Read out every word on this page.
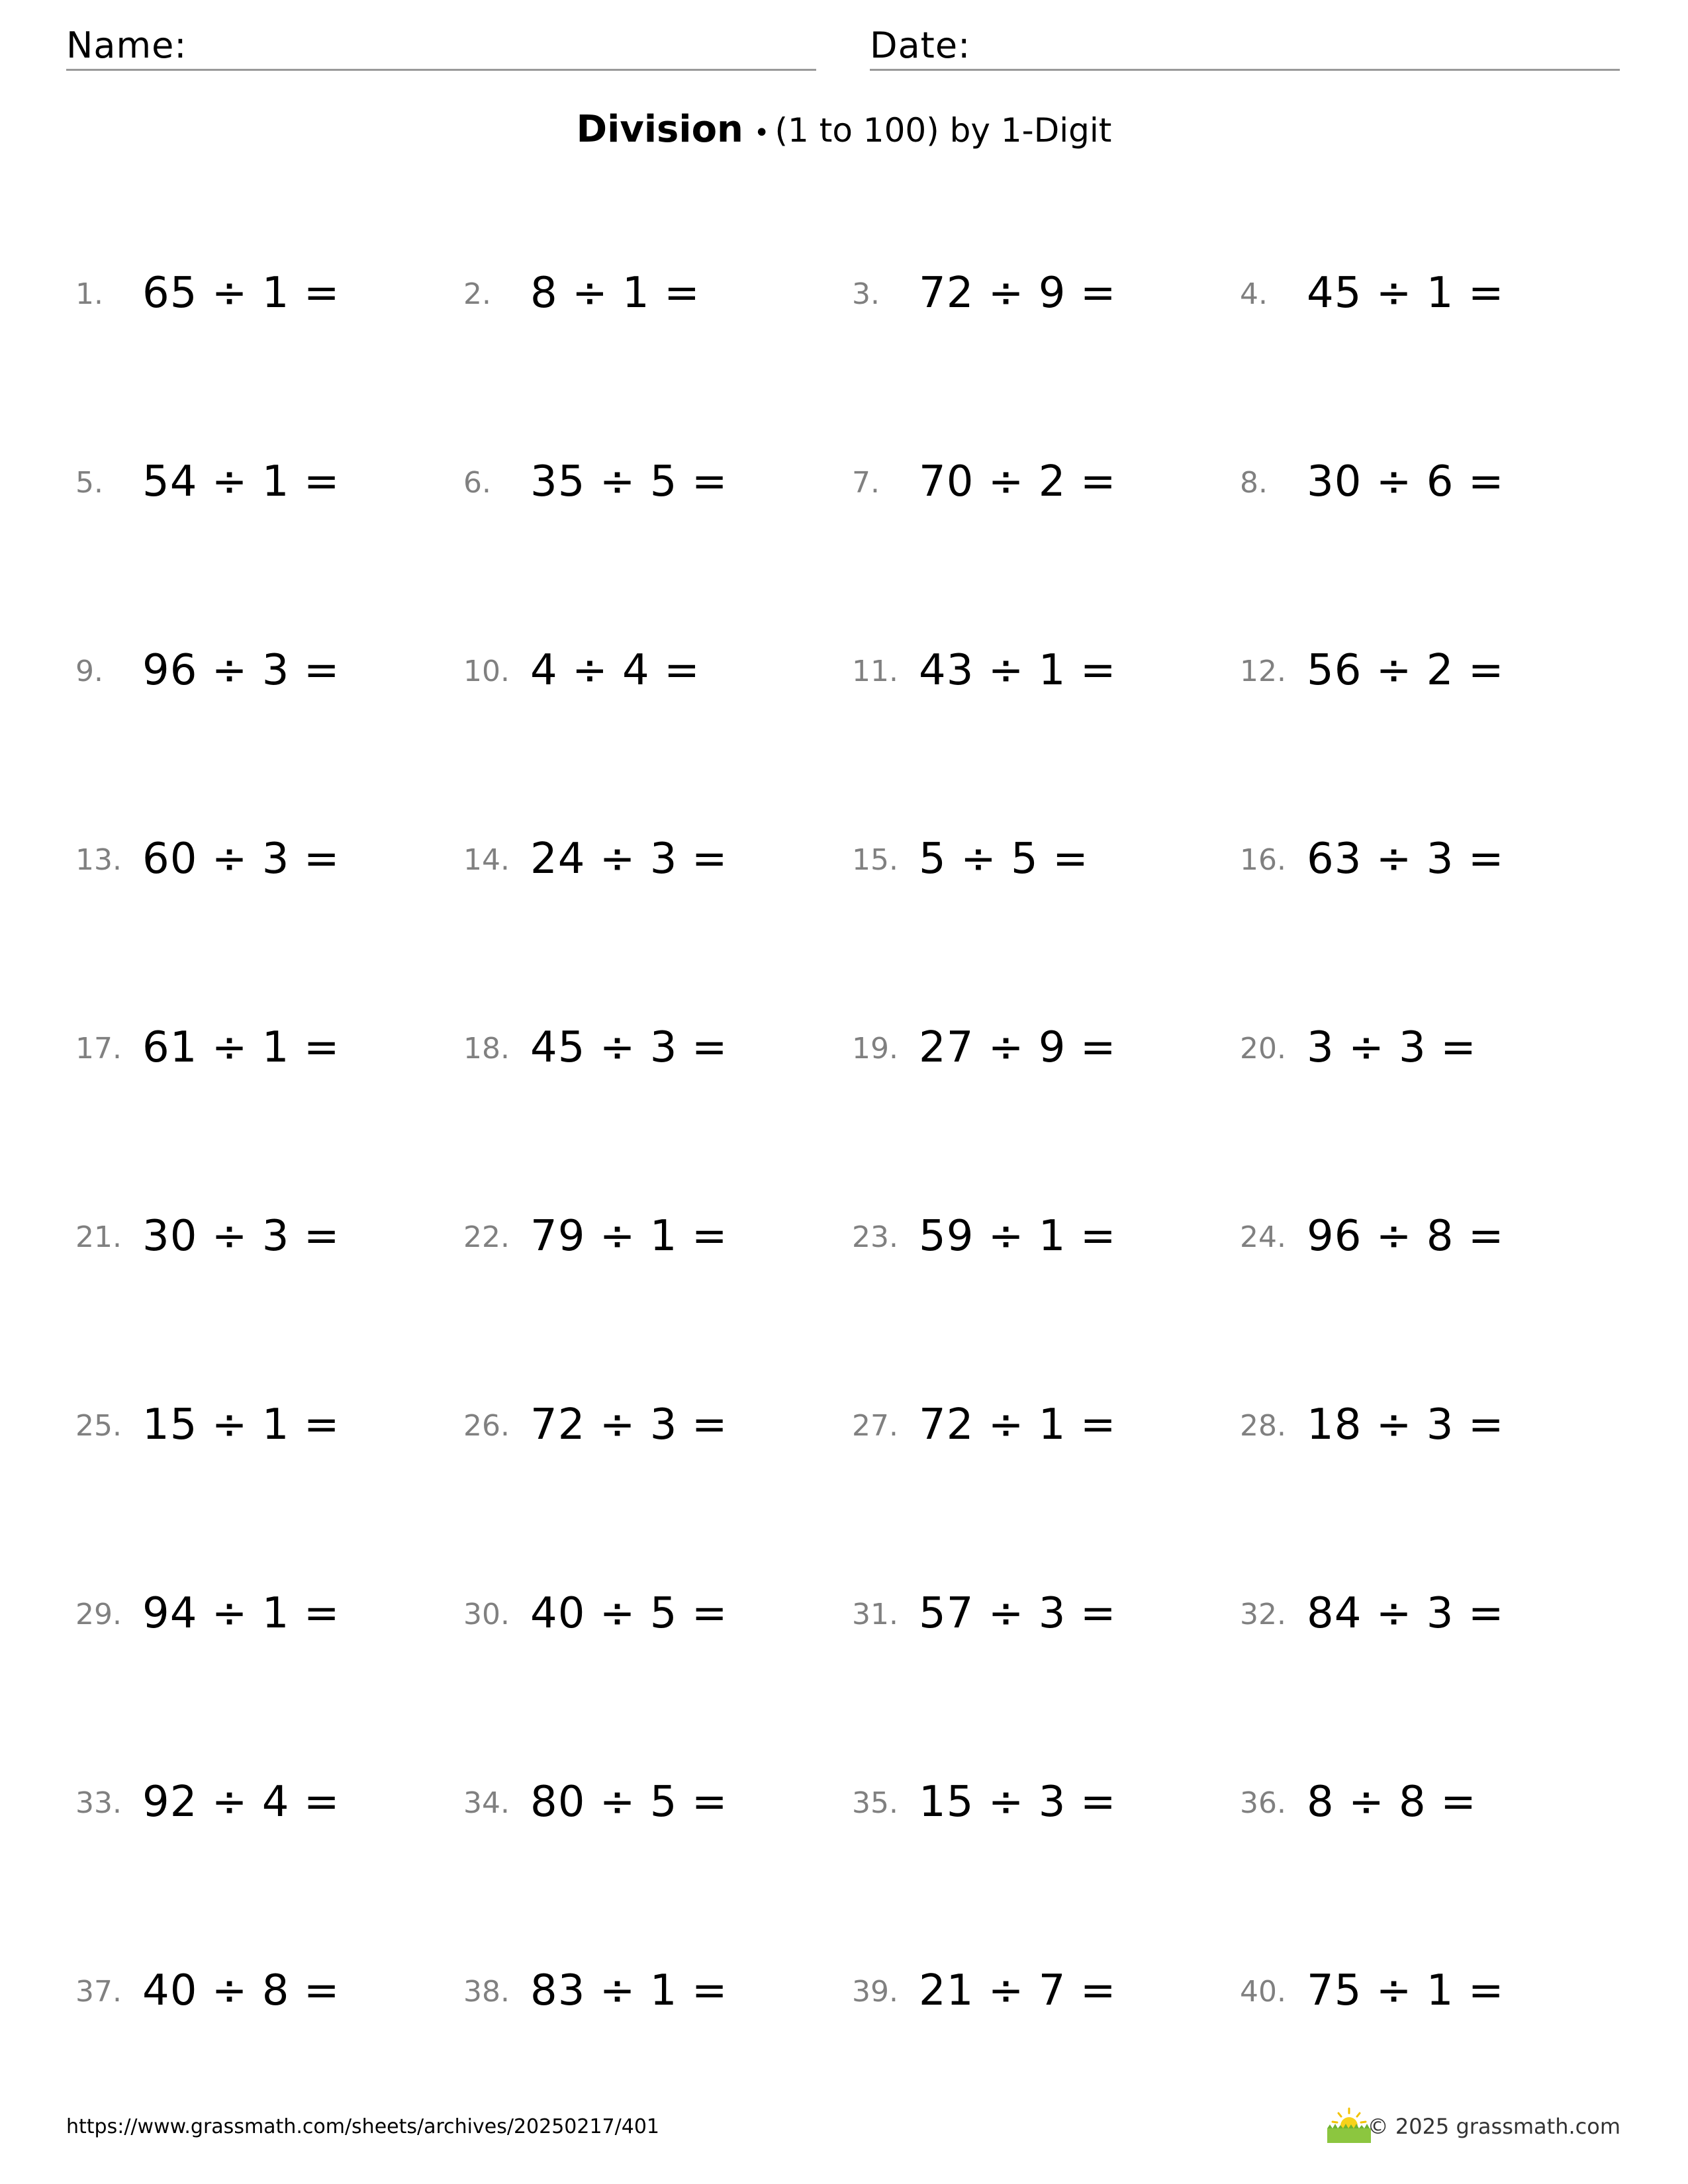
Name:	Date:
Division • (1 to 100) by 1-Digit
1. 65 ÷ 1 =	2. 8 ÷ 1 =	3. 72 ÷ 9 =	4. 45 ÷ 1 =
5. 54 ÷ 1 =	6. 35 ÷ 5 =	7. 70 ÷ 2 =	8. 30 ÷ 6 =
9. 96 ÷ 3 =	10. 4 ÷ 4 =	11. 43 ÷ 1 =	12. 56 ÷ 2 =
13. 60 ÷ 3 =	14. 24 ÷ 3 =	15. 5 ÷ 5 =	16. 63 ÷ 3 =
17. 61 ÷ 1 =	18. 45 ÷ 3 =	19. 27 ÷ 9 =	20. 3 ÷ 3 =
21. 30 ÷ 3 =	22. 79 ÷ 1 =	23. 59 ÷ 1 =	24. 96 ÷ 8 =
25. 15 ÷ 1 =	26. 72 ÷ 3 =	27. 72 ÷ 1 =	28. 18 ÷ 3 =
29. 94 ÷ 1 =	30. 40 ÷ 5 =	31. 57 ÷ 3 =	32. 84 ÷ 3 =
33. 92 ÷ 4 =	34. 80 ÷ 5 =	35. 15 ÷ 3 =	36. 8 ÷ 8 =
37. 40 ÷ 8 =	38. 83 ÷ 1 =	39. 21 ÷ 7 =	40. 75 ÷ 1 =
https://www.grassmath.com/sheets/archives/20250217/401	© 2025 grassmath.com
